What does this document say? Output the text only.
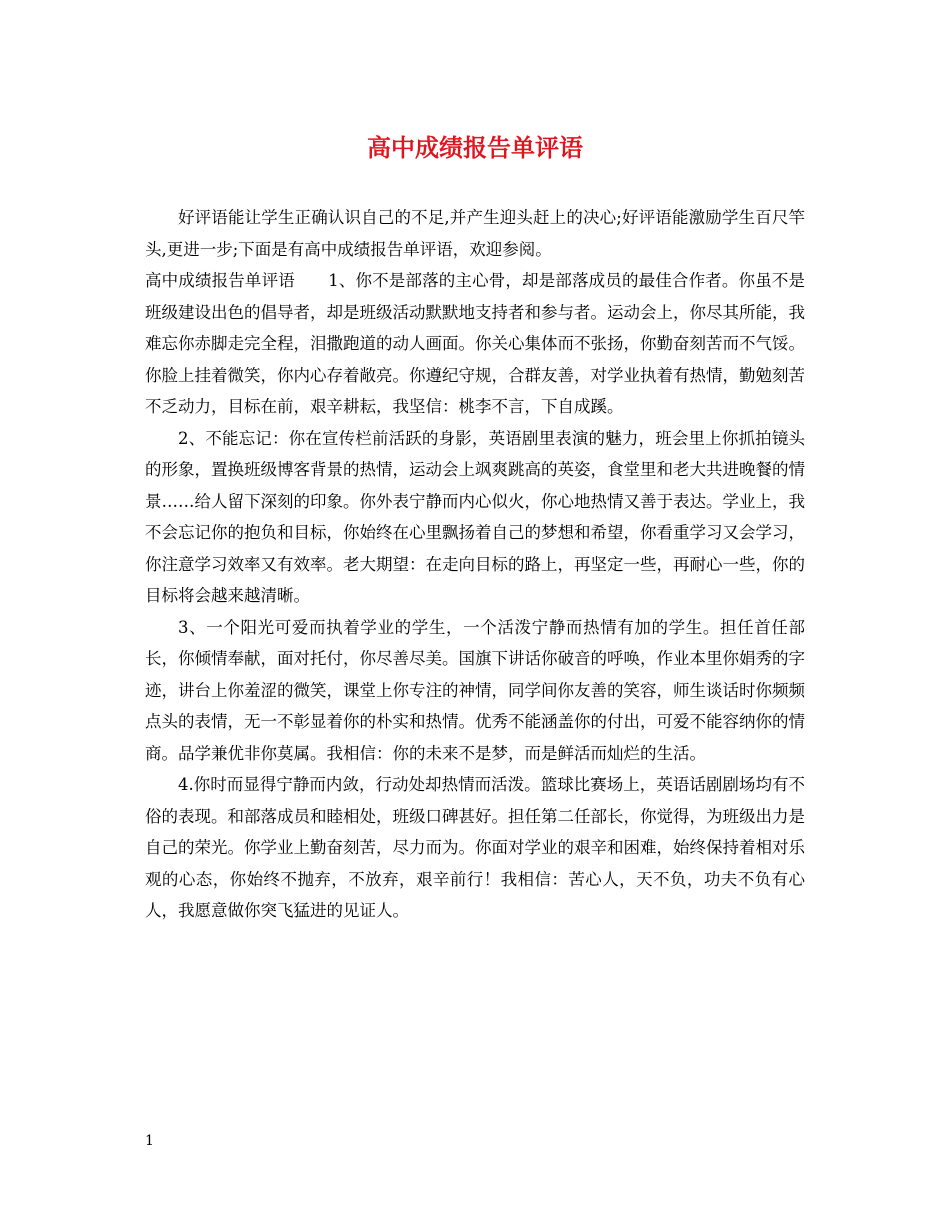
高中成绩报告单评语

好评语能让学生正确认识自己的不足,并产生迎头赶上的决心;好评语能激励学生百尺竿头,更进一步;下面是有高中成绩报告单评语，欢迎参阅。

高中成绩报告单评语　　1、你不是部落的主心骨，却是部落成员的最佳合作者。你虽不是班级建设出色的倡导者，却是班级活动默默地支持者和参与者。运动会上，你尽其所能，我难忘你赤脚走完全程，泪撒跑道的动人画面。你关心集体而不张扬，你勤奋刻苦而不气馁。你脸上挂着微笑，你内心存着敞亮。你遵纪守规，合群友善，对学业执着有热情，勤勉刻苦不乏动力，目标在前，艰辛耕耘，我坚信：桃李不言，下自成蹊。

2、不能忘记：你在宣传栏前活跃的身影，英语剧里表演的魅力，班会里上你抓拍镜头的形象，置换班级博客背景的热情，运动会上飒爽跳高的英姿，食堂里和老大共进晚餐的情景……给人留下深刻的印象。你外表宁静而内心似火，你心地热情又善于表达。学业上，我不会忘记你的抱负和目标，你始终在心里飘扬着自己的梦想和希望，你看重学习又会学习，你注意学习效率又有效率。老大期望：在走向目标的路上，再坚定一些，再耐心一些，你的目标将会越来越清晰。

3、一个阳光可爱而执着学业的学生，一个活泼宁静而热情有加的学生。担任首任部长，你倾情奉献，面对托付，你尽善尽美。国旗下讲话你破音的呼唤，作业本里你娟秀的字迹，讲台上你羞涩的微笑，课堂上你专注的神情，同学间你友善的笑容，师生谈话时你频频点头的表情，无一不彰显着你的朴实和热情。优秀不能涵盖你的付出，可爱不能容纳你的情商。品学兼优非你莫属。我相信：你的未来不是梦，而是鲜活而灿烂的生活。

4.你时而显得宁静而内敛，行动处却热情而活泼。篮球比赛场上，英语话剧剧场均有不俗的表现。和部落成员和睦相处，班级口碑甚好。担任第二任部长，你觉得，为班级出力是自己的荣光。你学业上勤奋刻苦，尽力而为。你面对学业的艰辛和困难，始终保持着相对乐观的心态，你始终不抛弃，不放弃，艰辛前行！我相信：苦心人，天不负，功夫不负有心人，我愿意做你突飞猛进的见证人。

1
